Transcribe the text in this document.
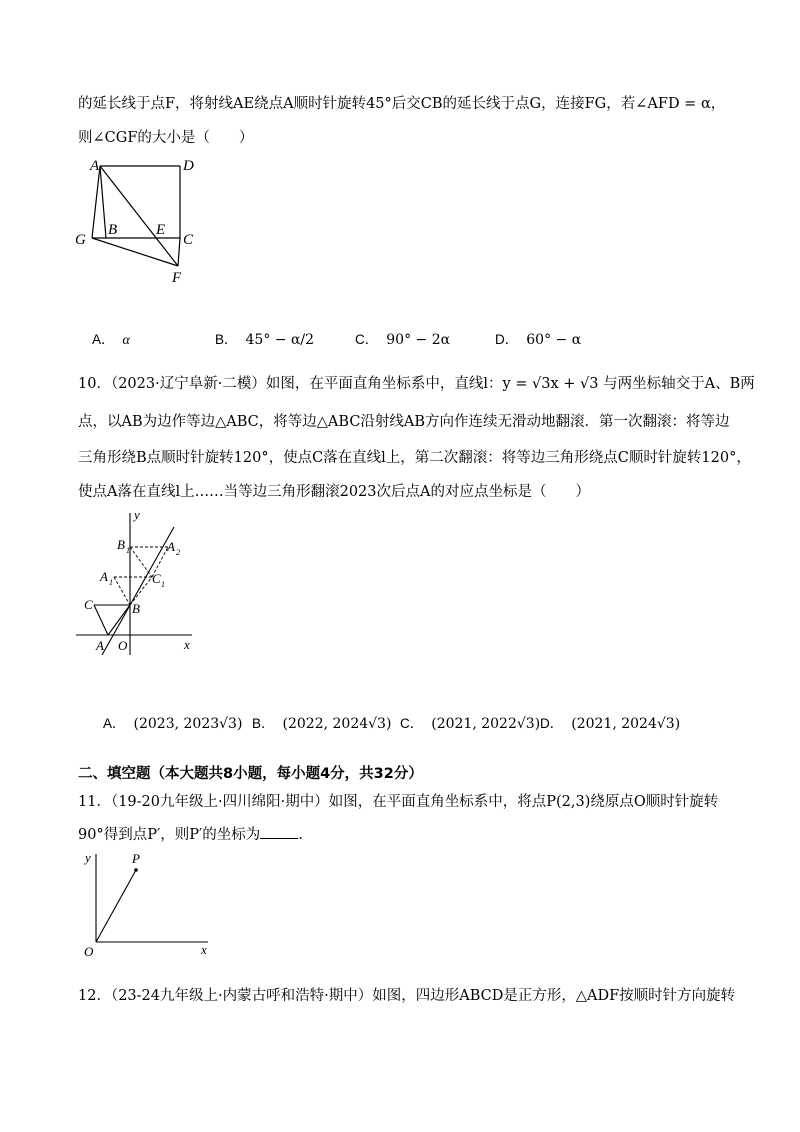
的延长线于点F，将射线AE绕点A顺时针旋转45°后交CB的延长线于点G，连接FG，若∠AFD = α，
则∠CGF的大小是（　　）
A	D
B	E
C
G
F
A． α	B． 45° − α/2	C． 90° − 2α	D． 60° − α
10．（2023·辽宁阜新·二模）如图，在平面直角坐标系中，直线l：y = √3x + √3 与两坐标轴交于A、B两
点，以AB为边作等边△ABC，将等边△ABC沿射线AB方向作连续无滑动地翻滚．第一次翻滚：将等边
三角形绕B点顺时针旋转120°，使点C落在直线l上，第二次翻滚：将等边三角形绕点C顺时针旋转120°，
使点A落在直线l上……当等边三角形翻滚2023次后点A的对应点坐标是（　　）
y
x
O
A
B
C
A 1	C 1
B 1	A 2
A． (2023, 2023√3) B． (2022, 2024√3) C． (2021, 2022√3) D． (2021, 2024√3)
二、填空题（本大题共8小题，每小题4分，共32分）
11．（19-20九年级上·四川绵阳·期中）如图，在平面直角坐标系中，将点P(2,3)绕原点O顺时针旋转
90°得到点P′，则P′的坐标为	．
y
x
O
P
12．（23-24九年级上·内蒙古呼和浩特·期中）如图，四边形ABCD是正方形，△ADF按顺时针方向旋转
